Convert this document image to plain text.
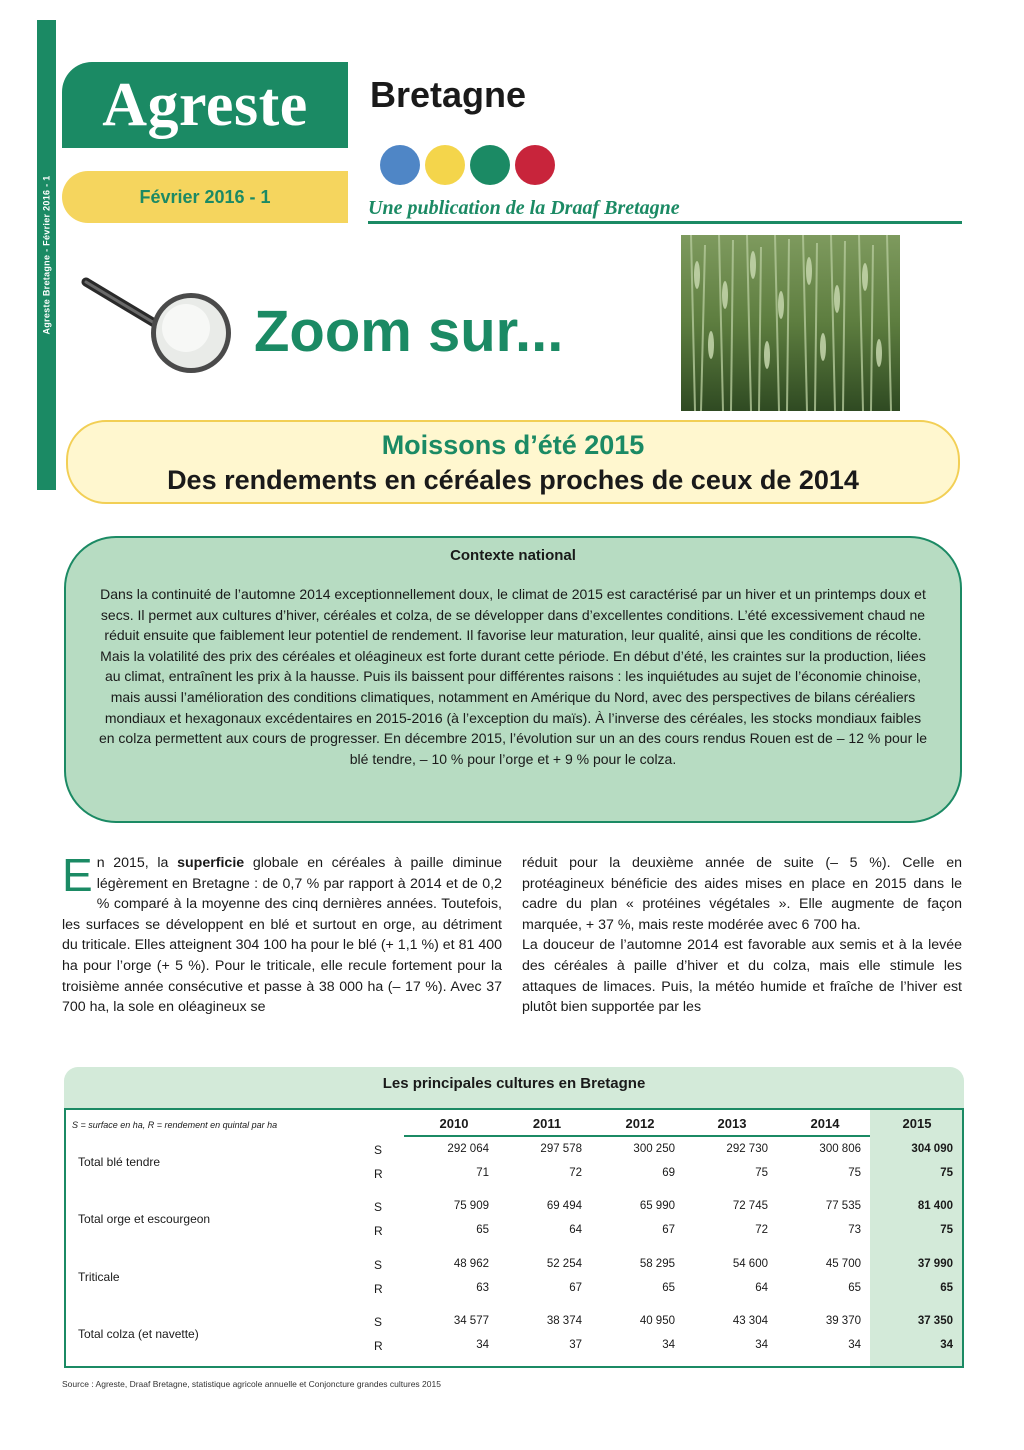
Agreste Bretagne - Février 2016 - 1
Agreste
Février 2016 - 1
Bretagne
Une publication de la Draaf Bretagne
Zoom sur...
Moissons d’été 2015
Des rendements en céréales proches de ceux de 2014
Contexte national
Dans la continuité de l’automne 2014 exceptionnellement doux, le climat de 2015 est caractérisé par un hiver et un printemps doux et secs. Il permet aux cultures d’hiver, céréales et colza, de se développer dans d’excellentes conditions. L’été excessivement chaud ne réduit ensuite que faiblement leur potentiel de rendement. Il favorise leur maturation, leur qualité, ainsi que les conditions de récolte. Mais la volatilité des prix des céréales et oléagineux est forte durant cette période. En début d’été, les craintes sur la production, liées au climat, entraînent les prix à la hausse. Puis ils baissent pour différentes raisons : les inquiétudes au sujet de l’économie chinoise, mais aussi l’amélioration des conditions climatiques, notamment en Amérique du Nord, avec des perspectives de bilans céréaliers mondiaux et hexagonaux excédentaires en 2015-2016 (à l’exception du maïs). À l’inverse des céréales, les stocks mondiaux faibles en colza permettent aux cours de progresser. En décembre 2015, l’évolution sur un an des cours rendus Rouen est de – 12 % pour le blé tendre, – 10 % pour l’orge et + 9 % pour le colza.
En 2015, la superficie globale en céréales à paille diminue légèrement en Bretagne : de 0,7 % par rapport à 2014 et de 0,2 % comparé à la moyenne des cinq dernières années. Toutefois, les surfaces se développent en blé et surtout en orge, au détriment du triticale. Elles atteignent 304 100 ha pour le blé (+ 1,1 %) et 81 400 ha pour l’orge (+ 5 %). Pour le triticale, elle recule fortement pour la troisième année consécutive et passe à 38 000 ha (– 17 %). Avec 37 700 ha, la sole en oléagineux se
réduit pour la deuxième année de suite (– 5 %). Celle en protéagineux bénéficie des aides mises en place en 2015 dans le cadre du plan « protéines végétales ». Elle augmente de façon marquée, + 37 %, mais reste modérée avec 6 700 ha.
La douceur de l’automne 2014 est favorable aux semis et à la levée des céréales à paille d’hiver et du colza, mais elle stimule les attaques de limaces. Puis, la météo humide et fraîche de l’hiver est plutôt bien supportée par les
Les principales cultures en Bretagne
S = surface en ha, R = rendement en quintal par ha	2010	2011	2012	2013	2014	2015
Total blé tendre
S	292 064	297 578	300 250	292 730	300 806	304 090
R	71	72	69	75	75	75
Total orge et escourgeon
S	75 909	69 494	65 990	72 745	77 535	81 400
R	65	64	67	72	73	75
Triticale
S	48 962	52 254	58 295	54 600	45 700	37 990
R	63	67	65	64	65	65
Total colza (et navette)
S	34 577	38 374	40 950	43 304	39 370	37 350
R	34	37	34	34	34	34
Source : Agreste, Draaf Bretagne, statistique agricole annuelle et Conjoncture grandes cultures 2015
